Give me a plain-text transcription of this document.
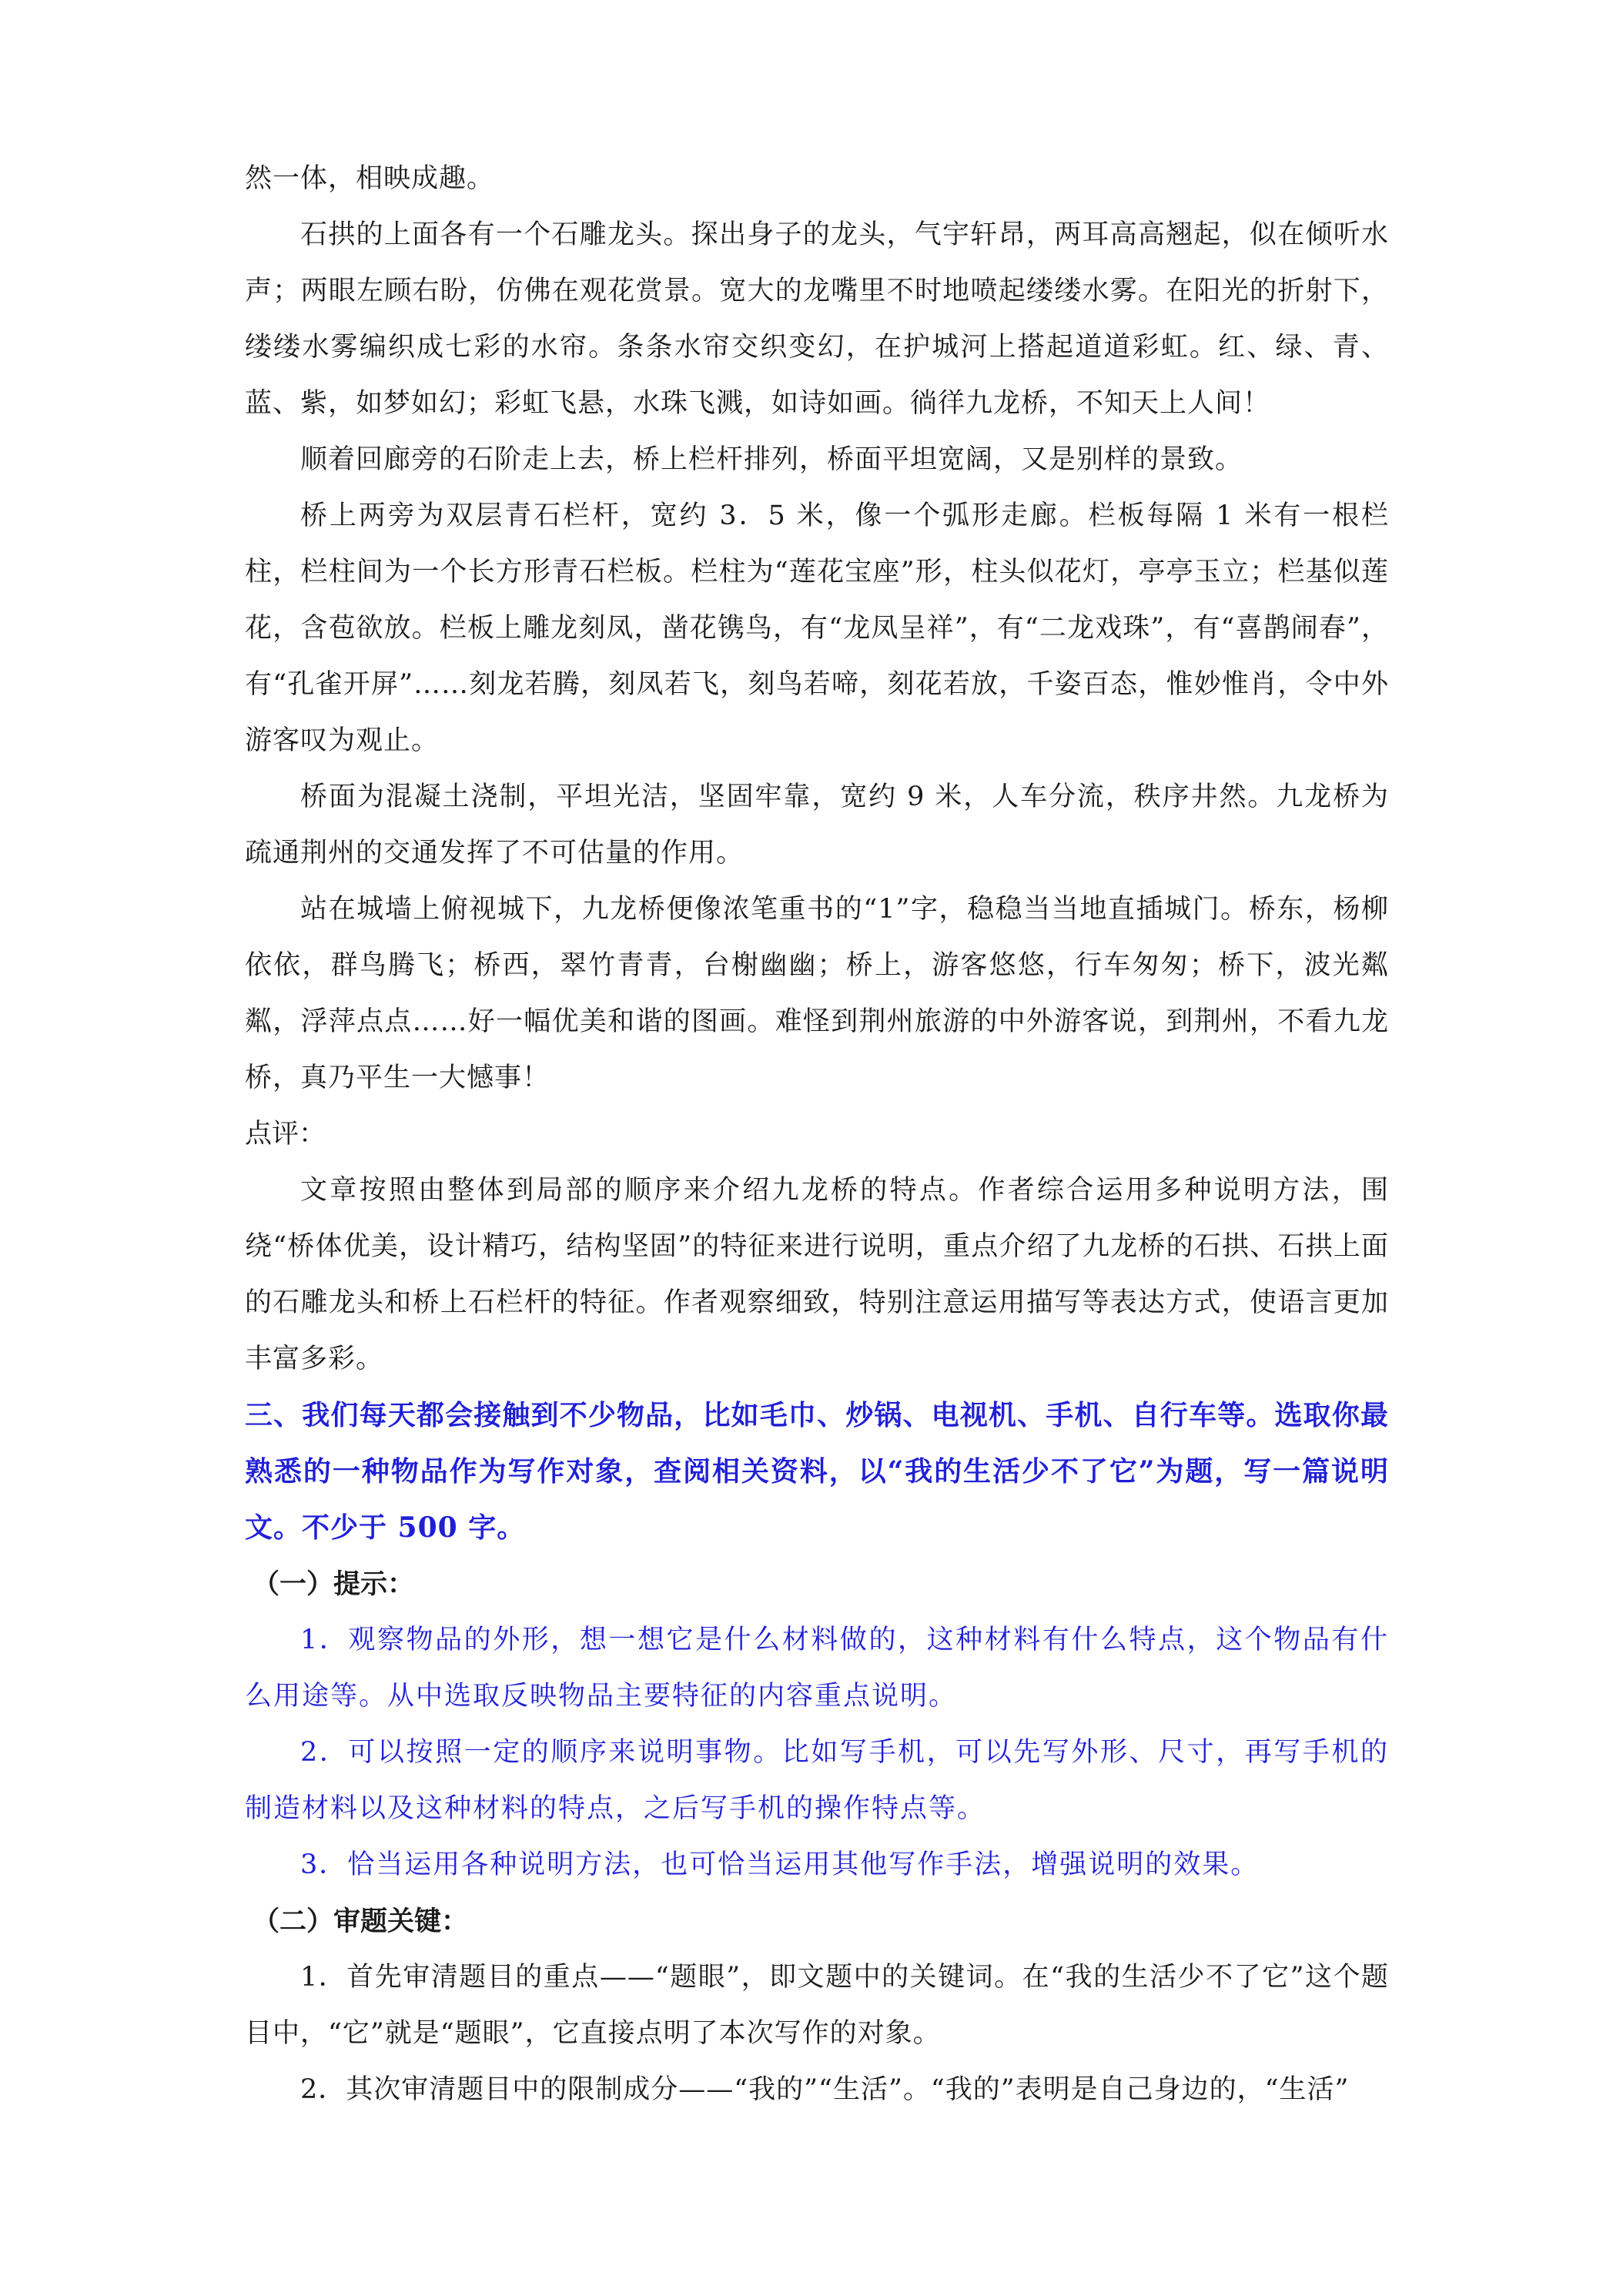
然一体，相映成趣。

石拱的上面各有一个石雕龙头。探出身子的龙头，气宇轩昂，两耳高高翘起，似在倾听水声；两眼左顾右盼，仿佛在观花赏景。宽大的龙嘴里不时地喷起缕缕水雾。在阳光的折射下，缕缕水雾编织成七彩的水帘。条条水帘交织变幻，在护城河上搭起道道彩虹。红、绿、青、蓝、紫，如梦如幻；彩虹飞悬，水珠飞溅，如诗如画。徜徉九龙桥，不知天上人间！

顺着回廊旁的石阶走上去，桥上栏杆排列，桥面平坦宽阔，又是别样的景致。

桥上两旁为双层青石栏杆，宽约 3．5 米，像一个弧形走廊。栏板每隔 1 米有一根栏柱，栏柱间为一个长方形青石栏板。栏柱为“莲花宝座”形，柱头似花灯，亭亭玉立；栏基似莲花，含苞欲放。栏板上雕龙刻凤，凿花镌鸟，有“龙凤呈祥”，有“二龙戏珠”，有“喜鹊闹春”，有“孔雀开屏”……刻龙若腾，刻凤若飞，刻鸟若啼，刻花若放，千姿百态，惟妙惟肖，令中外游客叹为观止。

桥面为混凝土浇制，平坦光洁，坚固牢靠，宽约 9 米，人车分流，秩序井然。九龙桥为疏通荆州的交通发挥了不可估量的作用。

站在城墙上俯视城下，九龙桥便像浓笔重书的“1”字，稳稳当当地直插城门。桥东，杨柳依依，群鸟腾飞；桥西，翠竹青青，台榭幽幽；桥上，游客悠悠，行车匆匆；桥下，波光粼粼，浮萍点点……好一幅优美和谐的图画。难怪到荆州旅游的中外游客说，到荆州，不看九龙桥，真乃平生一大憾事！

点评：

文章按照由整体到局部的顺序来介绍九龙桥的特点。作者综合运用多种说明方法，围绕“桥体优美，设计精巧，结构坚固”的特征来进行说明，重点介绍了九龙桥的石拱、石拱上面的石雕龙头和桥上石栏杆的特征。作者观察细致，特别注意运用描写等表达方式，使语言更加丰富多彩。

三、我们每天都会接触到不少物品，比如毛巾、炒锅、电视机、手机、自行车等。选取你最熟悉的一种物品作为写作对象，查阅相关资料，以“我的生活少不了它”为题，写一篇说明文。不少于 500 字。

（一）提示：

1．观察物品的外形，想一想它是什么材料做的，这种材料有什么特点，这个物品有什么用途等。从中选取反映物品主要特征的内容重点说明。

2．可以按照一定的顺序来说明事物。比如写手机，可以先写外形、尺寸，再写手机的制造材料以及这种材料的特点，之后写手机的操作特点等。

3．恰当运用各种说明方法，也可恰当运用其他写作手法，增强说明的效果。

（二）审题关键：

1．首先审清题目的重点——“题眼”，即文题中的关键词。在“我的生活少不了它”这个题目中，“它”就是“题眼”，它直接点明了本次写作的对象。

2．其次审清题目中的限制成分——“我的”“生活”。“我的”表明是自己身边的，“生活”
